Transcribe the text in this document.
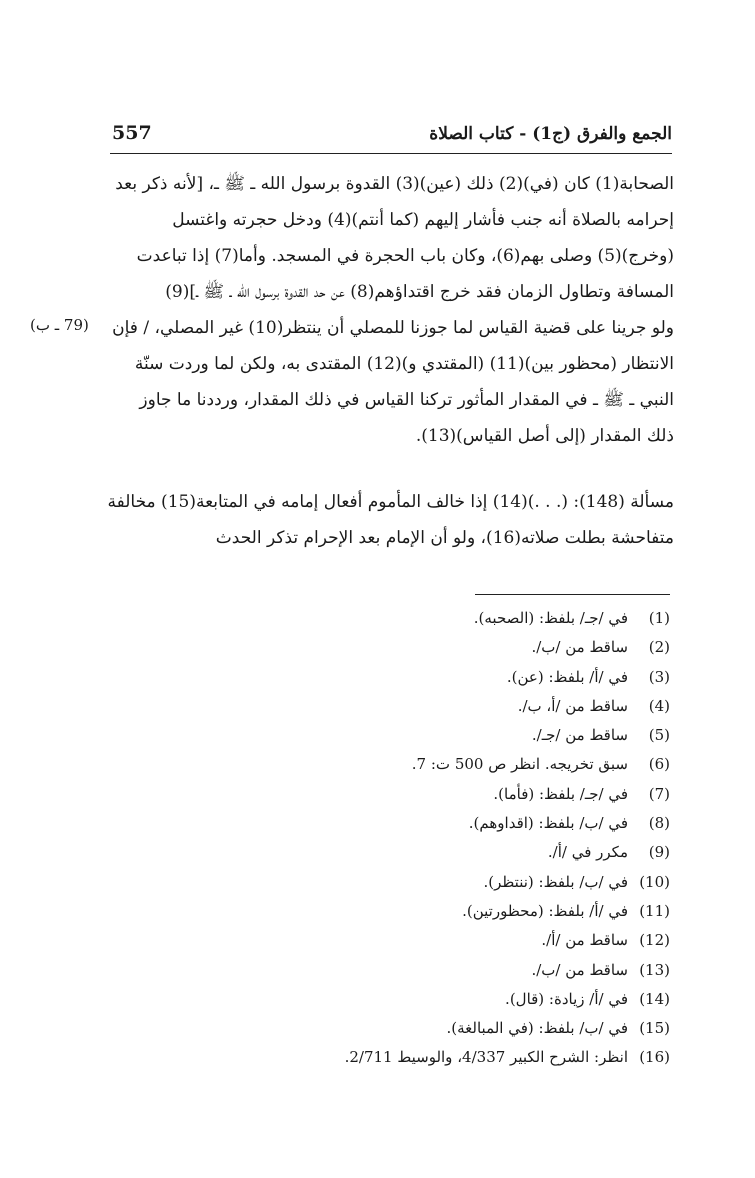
الجمع والفرق (ج1) - كتاب الصلاة
557

الصحابة(1) كان (في)(2) ذلك (عين)(3) القدوة برسول الله ـ ﷺ ـ، [لأنه ذكر بعد

إحرامه بالصلاة أنه جنب فأشار إليهم (كما أنتم)(4) ودخل حجرته واغتسل

(وخرج)(5) وصلى بهم(6)، وكان باب الحجرة في المسجد. وأما(7) إذا تباعدت

المسافة وتطاول الزمان فقد خرج اقتداؤهم(8) عن حد القدوة برسول الله ـ ﷺ ـ](9)

ولو جرينا على قضية القياس لما جوزنا للمصلي أن ينتظر(10) غير المصلي، / فإن

الانتظار (محظور بين)(11) (المقتدي و)(12) المقتدى به، ولكن لما وردت سنّة

النبي ـ ﷺ ـ في المقدار المأثور تركنا القياس في ذلك المقدار، ورددنا ما جاوز

ذلك المقدار (إلى أصل القياس)(13).

(79 ـ ب)

مسألة (148): (. . .)(14) إذا خالف المأموم أفعال إمامه في المتابعة(15) مخالفة

متفاحشة بطلت صلاته(16)، ولو أن الإمام بعد الإحرام تذكر الحدث

(1)
في /جـ/ بلفظ: (الصحبه).
(2)
ساقط من /ب/.
(3)
في /أ/ بلفظ: (عن).
(4)
ساقط من /أ، ب/.
(5)
ساقط من /جـ/.
(6)
سبق تخريجه. انظر ص 500 ت: 7.
(7)
في /جـ/ بلفظ: (فأما).
(8)
في /ب/ بلفظ: (اقداوهم).
(9)
مكرر في /أ/.
(10)
في /ب/ بلفظ: (ننتظر).
(11)
في /أ/ بلفظ: (محظورتين).
(12)
ساقط من /أ/.
(13)
ساقط من /ب/.
(14)
في /أ/ زيادة: (قال).
(15)
في /ب/ بلفظ: (في المبالغة).
(16)
انظر: الشرح الكبير 4/337، والوسيط 2/711.
